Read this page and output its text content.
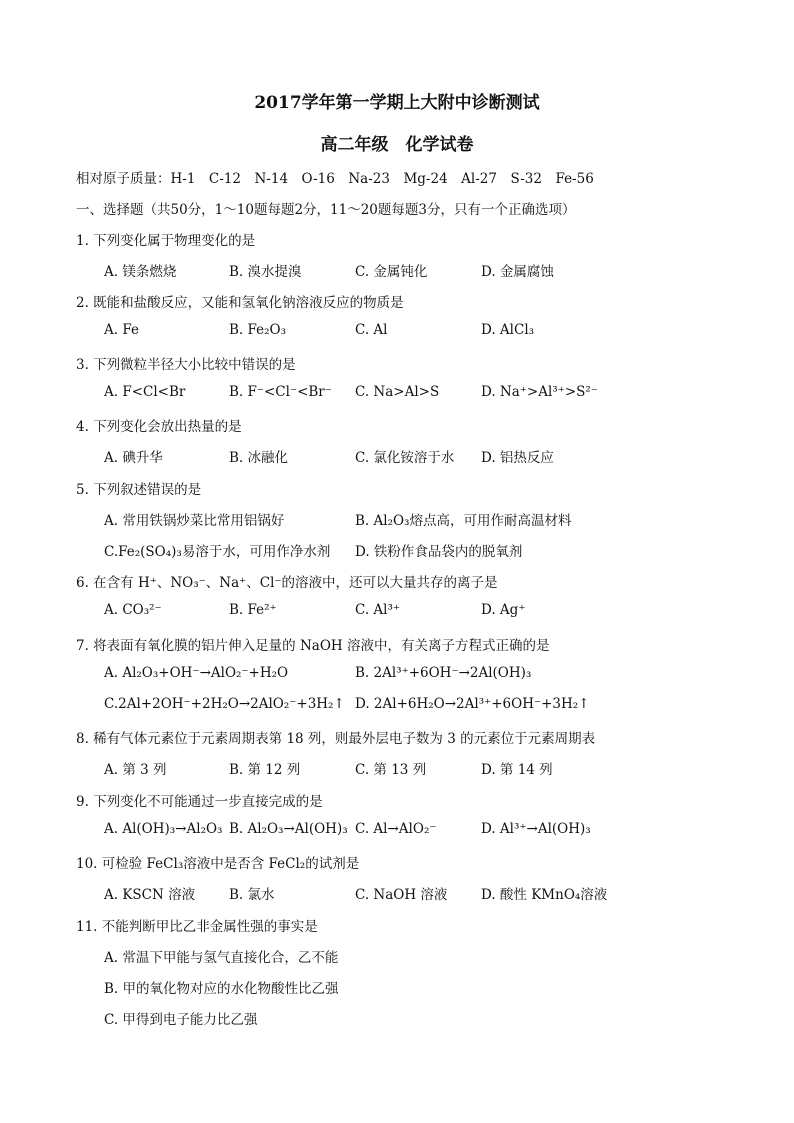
2017学年第一学期上大附中诊断测试
高二年级　化学试卷
相对原子质量：H-1　C-12　N-14　O-16　Na-23　Mg-24　Al-27　S-32　Fe-56
一、选择题（共50分，1～10题每题2分，11～20题每题3分，只有一个正确选项）
1. 下列变化属于物理变化的是
A. 镁条燃烧	B. 溴水提溴	C. 金属钝化	D. 金属腐蚀
2. 既能和盐酸反应，又能和氢氧化钠溶液反应的物质是
A. Fe	B. Fe₂O₃	C. Al	D. AlCl₃
3. 下列微粒半径大小比较中错误的是
A. F<Cl<Br	B. F⁻<Cl⁻<Br⁻ C. Na>Al>S	D. Na⁺>Al³⁺>S²⁻
4. 下列变化会放出热量的是
A. 碘升华	B. 冰融化	C. 氯化铵溶于水 D. 铝热反应
5. 下列叙述错误的是
A. 常用铁锅炒菜比常用铝锅好	B. Al₂O₃熔点高，可用作耐高温材料
C.Fe₂(SO₄)₃易溶于水，可用作净水剂 D. 铁粉作食品袋内的脱氧剂
6. 在含有 H⁺、NO₃⁻、Na⁺、Cl⁻的溶液中，还可以大量共存的离子是
A. CO₃²⁻	B. Fe²⁺	C. Al³⁺	D. Ag⁺
7. 将表面有氧化膜的铝片伸入足量的 NaOH 溶液中，有关离子方程式正确的是
A. Al₂O₃+OH⁻→AlO₂⁻+H₂O	B. 2Al³⁺+6OH⁻→2Al(OH)₃
C.2Al+2OH⁻+2H₂O→2AlO₂⁻+3H₂↑ D. 2Al+6H₂O→2Al³⁺+6OH⁻+3H₂↑
8. 稀有气体元素位于元素周期表第 18 列，则最外层电子数为 3 的元素位于元素周期表
A. 第 3 列	B. 第 12 列	C. 第 13 列	D. 第 14 列
9. 下列变化不可能通过一步直接完成的是
A. Al(OH)₃→Al₂O₃ B. Al₂O₃→Al(OH)₃ C. Al→AlO₂⁻	D. Al³⁺→Al(OH)₃
10. 可检验 FeCl₃溶液中是否含 FeCl₂的试剂是
A. KSCN 溶液	B. 氯水	C. NaOH 溶液 D. 酸性 KMnO₄溶液
11. 不能判断甲比乙非金属性强的事实是
A. 常温下甲能与氢气直接化合，乙不能
B. 甲的氧化物对应的水化物酸性比乙强
C. 甲得到电子能力比乙强
